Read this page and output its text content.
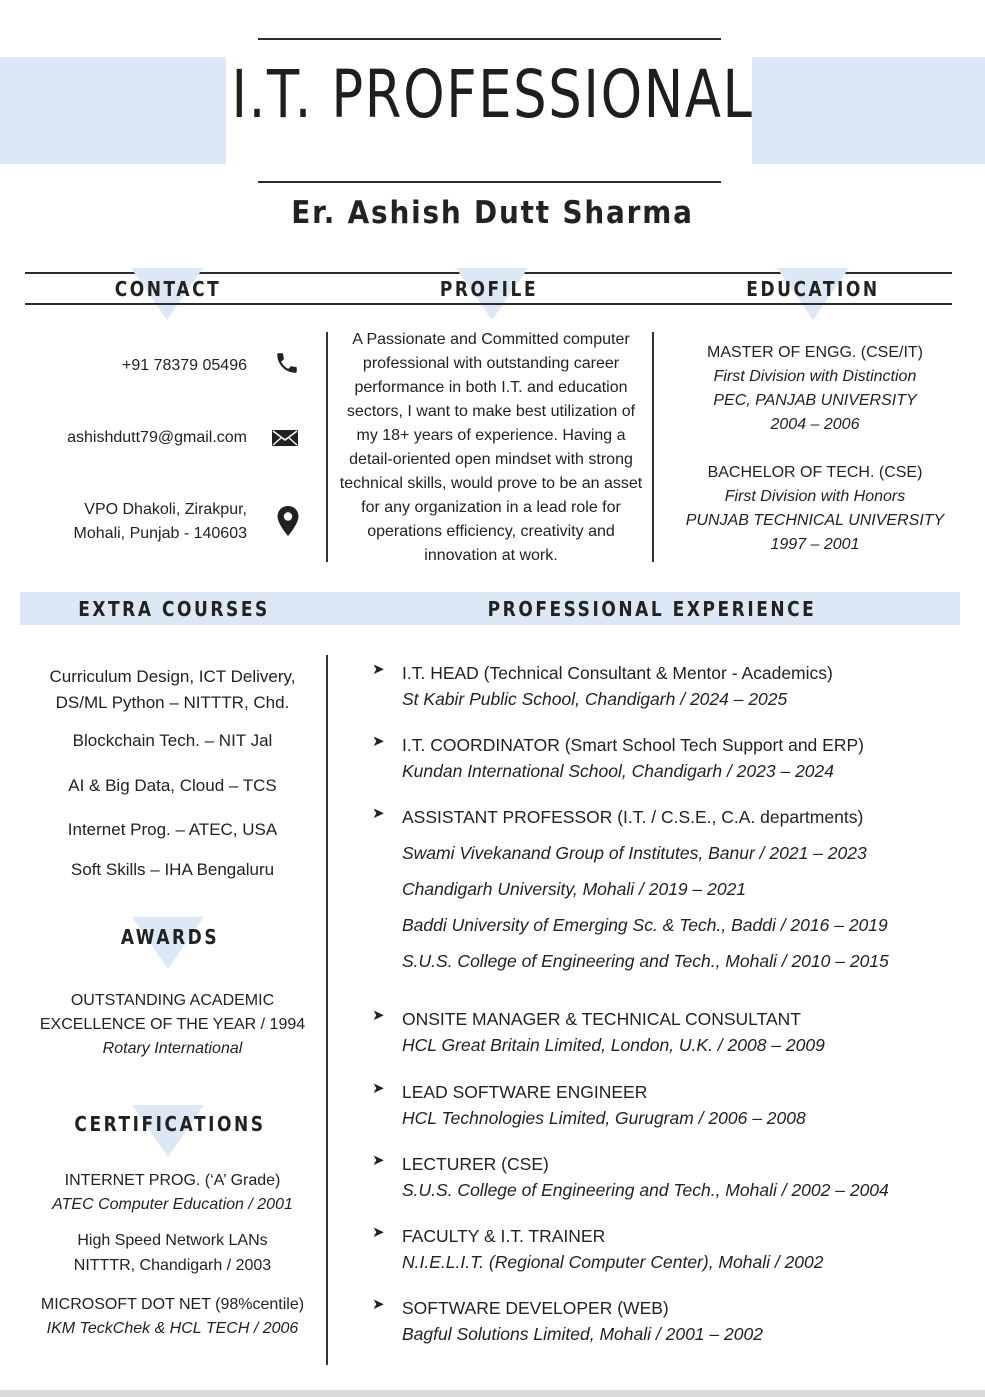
I.T. PROFESSIONAL
Er. Ashish Dutt Sharma
CONTACT	PROFILE	EDUCATION
+91 78379 05496
ashishdutt79@gmail.com
VPO Dhakoli, Zirakpur,
Mohali, Punjab - 140603
A Passionate and Committed computer professional with outstanding career performance in both I.T. and education sectors, I want to make best utilization of my 18+ years of experience. Having a detail-oriented open mindset with strong technical skills, would prove to be an asset for any organization in a lead role for operations efficiency, creativity and innovation at work.
MASTER OF ENGG. (CSE/IT)
First Division with Distinction
PEC, PANJAB UNIVERSITY
2004 – 2006
BACHELOR OF TECH. (CSE)
First Division with Honors
PUNJAB TECHNICAL UNIVERSITY
1997 – 2001
EXTRA COURSES	PROFESSIONAL EXPERIENCE
Curriculum Design, ICT Delivery,
DS/ML Python – NITTTR, Chd.
Blockchain Tech. – NIT Jal
AI & Big Data, Cloud – TCS
Internet Prog. – ATEC, USA
Soft Skills – IHA Bengaluru
AWARDS
OUTSTANDING ACADEMIC
EXCELLENCE OF THE YEAR / 1994
Rotary International
CERTIFICATIONS
INTERNET PROG. (‘A’ Grade)
ATEC Computer Education / 2001
High Speed Network LANs
NITTTR, Chandigarh / 2003
MICROSOFT DOT NET (98%centile)
IKM TeckChek & HCL TECH / 2006
➤ I.T. HEAD (Technical Consultant & Mentor - Academics)
St Kabir Public School, Chandigarh / 2024 – 2025
➤ I.T. COORDINATOR (Smart School Tech Support and ERP)
Kundan International School, Chandigarh / 2023 – 2024
➤ ASSISTANT PROFESSOR (I.T. / C.S.E., C.A. departments)
Swami Vivekanand Group of Institutes, Banur / 2021 – 2023
Chandigarh University, Mohali / 2019 – 2021
Baddi University of Emerging Sc. & Tech., Baddi / 2016 – 2019
S.U.S. College of Engineering and Tech., Mohali / 2010 – 2015
➤ ONSITE MANAGER & TECHNICAL CONSULTANT
HCL Great Britain Limited, London, U.K. / 2008 – 2009
➤ LEAD SOFTWARE ENGINEER
HCL Technologies Limited, Gurugram / 2006 – 2008
➤ LECTURER (CSE)
S.U.S. College of Engineering and Tech., Mohali / 2002 – 2004
➤ FACULTY & I.T. TRAINER
N.I.E.L.I.T. (Regional Computer Center), Mohali / 2002
➤ SOFTWARE DEVELOPER (WEB)
Bagful Solutions Limited, Mohali / 2001 – 2002
